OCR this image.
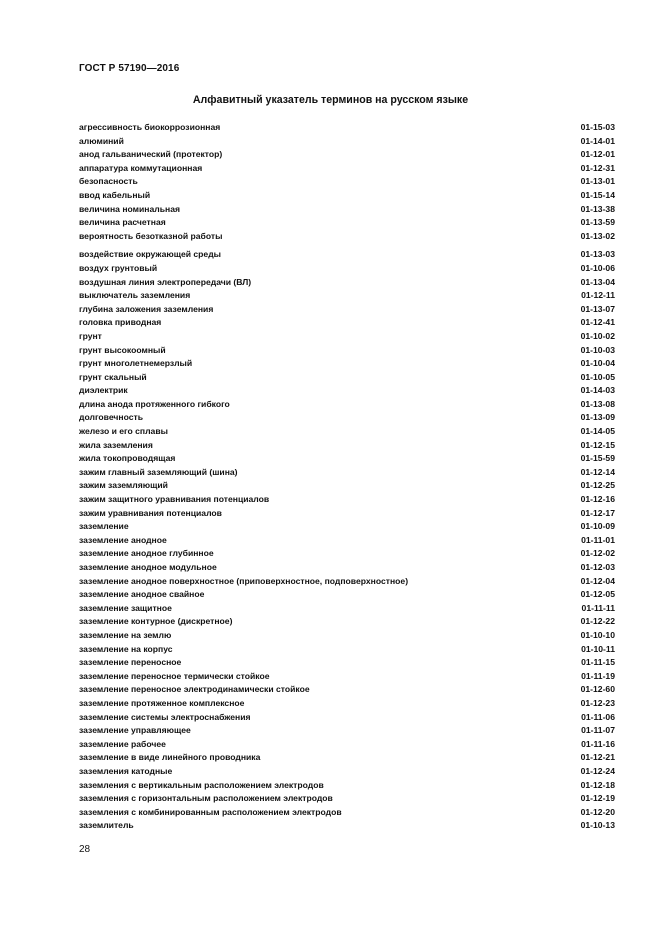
ГОСТ Р 57190—2016
Алфавитный указатель терминов на русском языке
агрессивность биокоррозионная	01-15-03
алюминий	01-14-01
анод гальванический (протектор)	01-12-01
аппаратура коммутационная	01-12-31
безопасность	01-13-01
ввод кабельный	01-15-14
величина номинальная	01-13-38
величина расчетная	01-13-59
вероятность безотказной работы	01-13-02
воздействие окружающей среды	01-13-03
воздух грунтовый	01-10-06
воздушная линия электропередачи (ВЛ)	01-13-04
выключатель заземления	01-12-11
глубина заложения заземления	01-13-07
головка приводная	01-12-41
грунт	01-10-02
грунт высокоомный	01-10-03
грунт многолетнемерзлый	01-10-04
грунт скальный	01-10-05
диэлектрик	01-14-03
длина анода протяженного гибкого	01-13-08
долговечность	01-13-09
железо и его сплавы	01-14-05
жила заземления	01-12-15
жила токопроводящая	01-15-59
зажим главный заземляющий (шина)	01-12-14
зажим заземляющий	01-12-25
зажим защитного уравнивания потенциалов	01-12-16
зажим уравнивания потенциалов	01-12-17
заземление	01-10-09
заземление анодное	01-11-01
заземление анодное глубинное	01-12-02
заземление анодное модульное	01-12-03
заземление анодное поверхностное (приповерхностное, подповерхностное)	01-12-04
заземление анодное свайное	01-12-05
заземление защитное	01-11-11
заземление контурное (дискретное)	01-12-22
заземление на землю	01-10-10
заземление на корпус	01-10-11
заземление переносное	01-11-15
заземление переносное термически стойкое	01-11-19
заземление переносное электродинамически стойкое	01-12-60
заземление протяженное комплексное	01-12-23
заземление системы электроснабжения	01-11-06
заземление управляющее	01-11-07
заземление рабочее	01-11-16
заземление в виде линейного проводника	01-12-21
заземления катодные	01-12-24
заземления с вертикальным расположением электродов	01-12-18
заземления с горизонтальным расположением электродов	01-12-19
заземления с комбинированным расположением электродов	01-12-20
заземлитель	01-10-13
28
